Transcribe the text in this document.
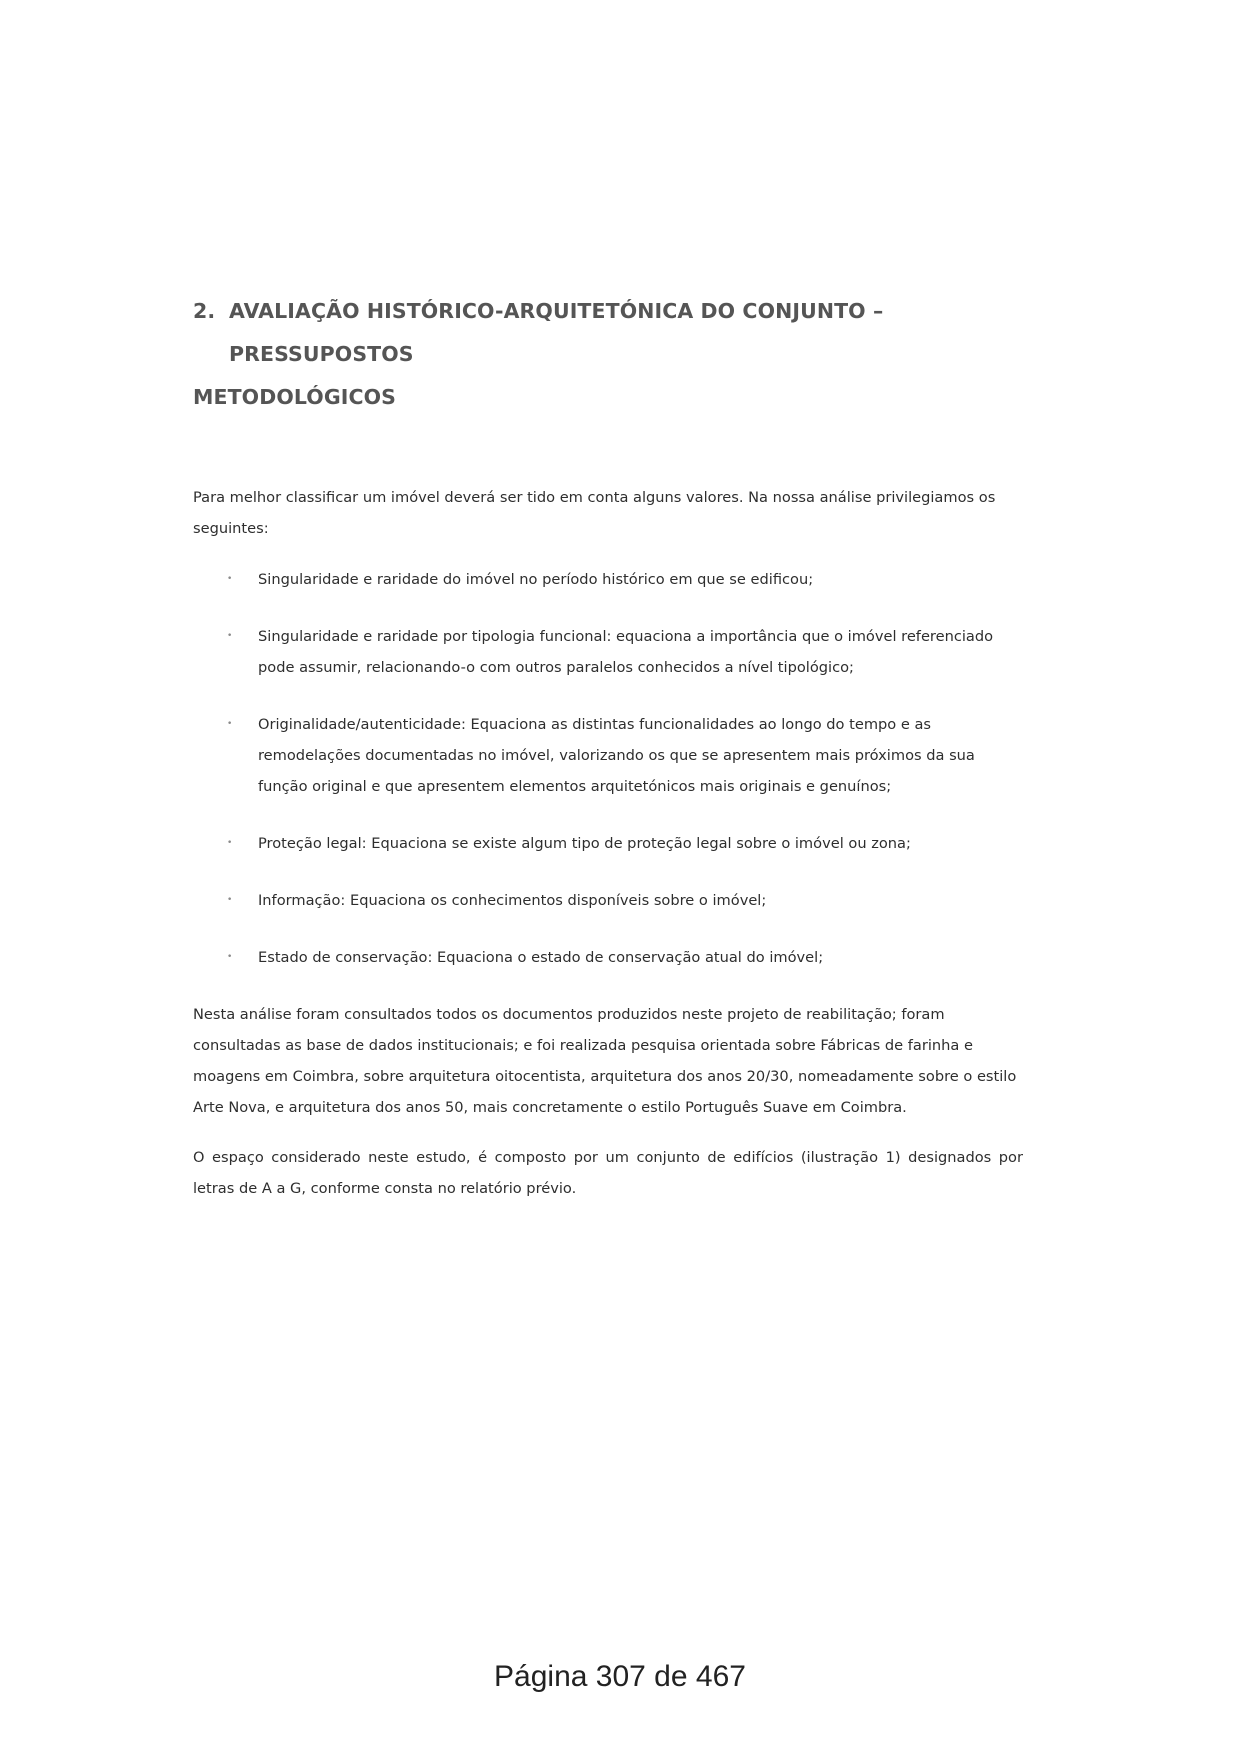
2. AVALIAÇÃO HISTÓRICO-ARQUITETÓNICA DO CONJUNTO – PRESSUPOSTOS
METODOLÓGICOS

Para melhor classificar um imóvel deverá ser tido em conta alguns valores. Na nossa análise privilegiamos os seguintes:

• Singularidade e raridade do imóvel no período histórico em que se edificou;
• Singularidade e raridade por tipologia funcional: equaciona a importância que o imóvel referenciado pode assumir, relacionando-o com outros paralelos conhecidos a nível tipológico;
• Originalidade/autenticidade: Equaciona as distintas funcionalidades ao longo do tempo e as remodelações documentadas no imóvel, valorizando os que se apresentem mais próximos da sua função original e que apresentem elementos arquitetónicos mais originais e genuínos;
• Proteção legal: Equaciona se existe algum tipo de proteção legal sobre o imóvel ou zona;
• Informação: Equaciona os conhecimentos disponíveis sobre o imóvel;
• Estado de conservação: Equaciona o estado de conservação atual do imóvel;

Nesta análise foram consultados todos os documentos produzidos neste projeto de reabilitação; foram consultadas as base de dados institucionais; e foi realizada pesquisa orientada sobre Fábricas de farinha e moagens em Coimbra, sobre arquitetura oitocentista, arquitetura dos anos 20/30, nomeadamente sobre o estilo Arte Nova, e arquitetura dos anos 50, mais concretamente o estilo Português Suave em Coimbra.

O espaço considerado neste estudo, é composto por um conjunto de edifícios (ilustração 1) designados por letras de A a G, conforme consta no relatório prévio.

Página 307 de 467
